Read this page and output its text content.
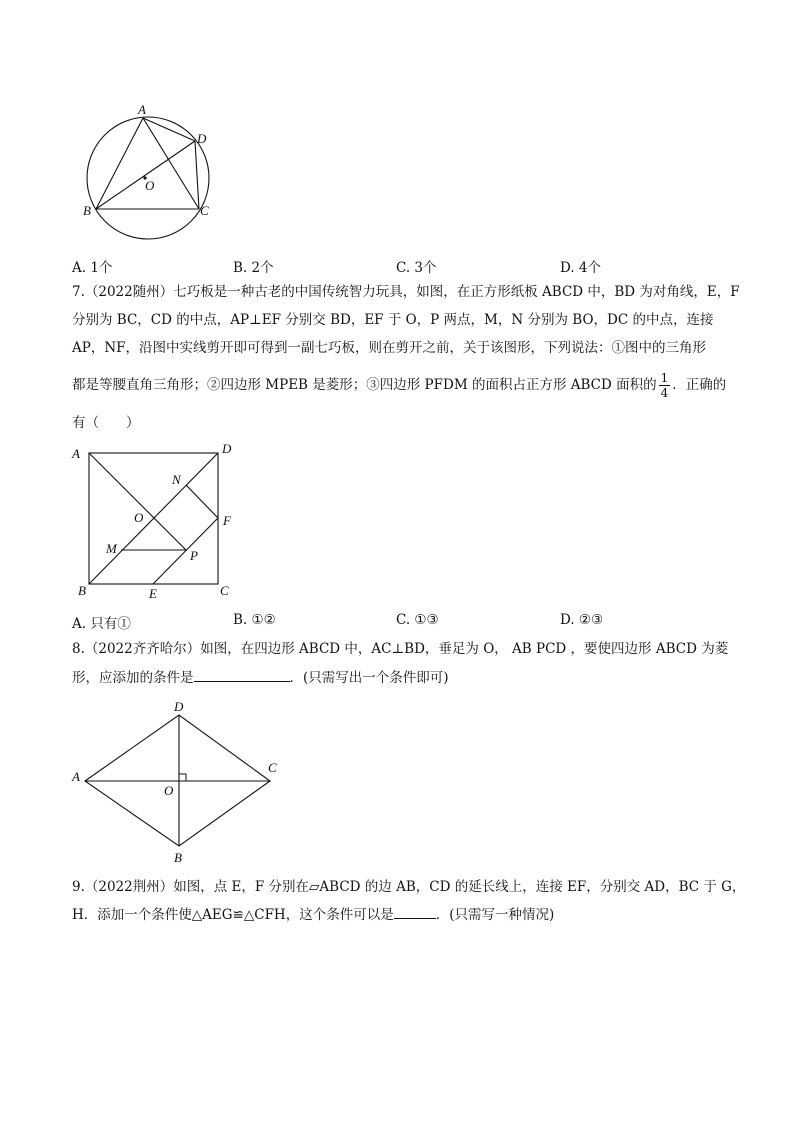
A
D
O
B	C
A. 1个	B. 2个	C. 3个	D. 4个
7.（2022随州）七巧板是一种古老的中国传统智力玩具，如图，在正方形纸板 ABCD 中，BD 为对角线，E，F
分别为 BC，CD 的中点，AP⊥EF 分别交 BD，EF 于 O，P 两点，M，N 分别为 BO，DC 的中点，连接
AP，NF，沿图中实线剪开即可得到一副七巧板，则在剪开之前，关于该图形，下列说法：①图中的三角形
都是等腰直角三角形；②四边形 MPEB 是菱形；③四边形 PFDM 的面积占正方形 ABCD 面积的 $\frac{1}{4}$ ．正确的
有（　　）
A	D
N
O	F
M	P
B	E	C
A. 只有①	B. ①②	C. ①③	D. ②③
8.（2022齐齐哈尔）如图，在四边形 ABCD 中，AC⊥BD，垂足为 O， AB PCD ，要使四边形 ABCD 为菱
形，应添加的条件是	．(只需写出一个条件即可)
D
A
C
O
B
9.（2022荆州）如图，点 E，F 分别在▱ABCD 的边 AB，CD 的延长线上，连接 EF，分别交 AD，BC 于 G，
H．添加一个条件使△AEG≌△CFH，这个条件可以是	．(只需写一种情况)
